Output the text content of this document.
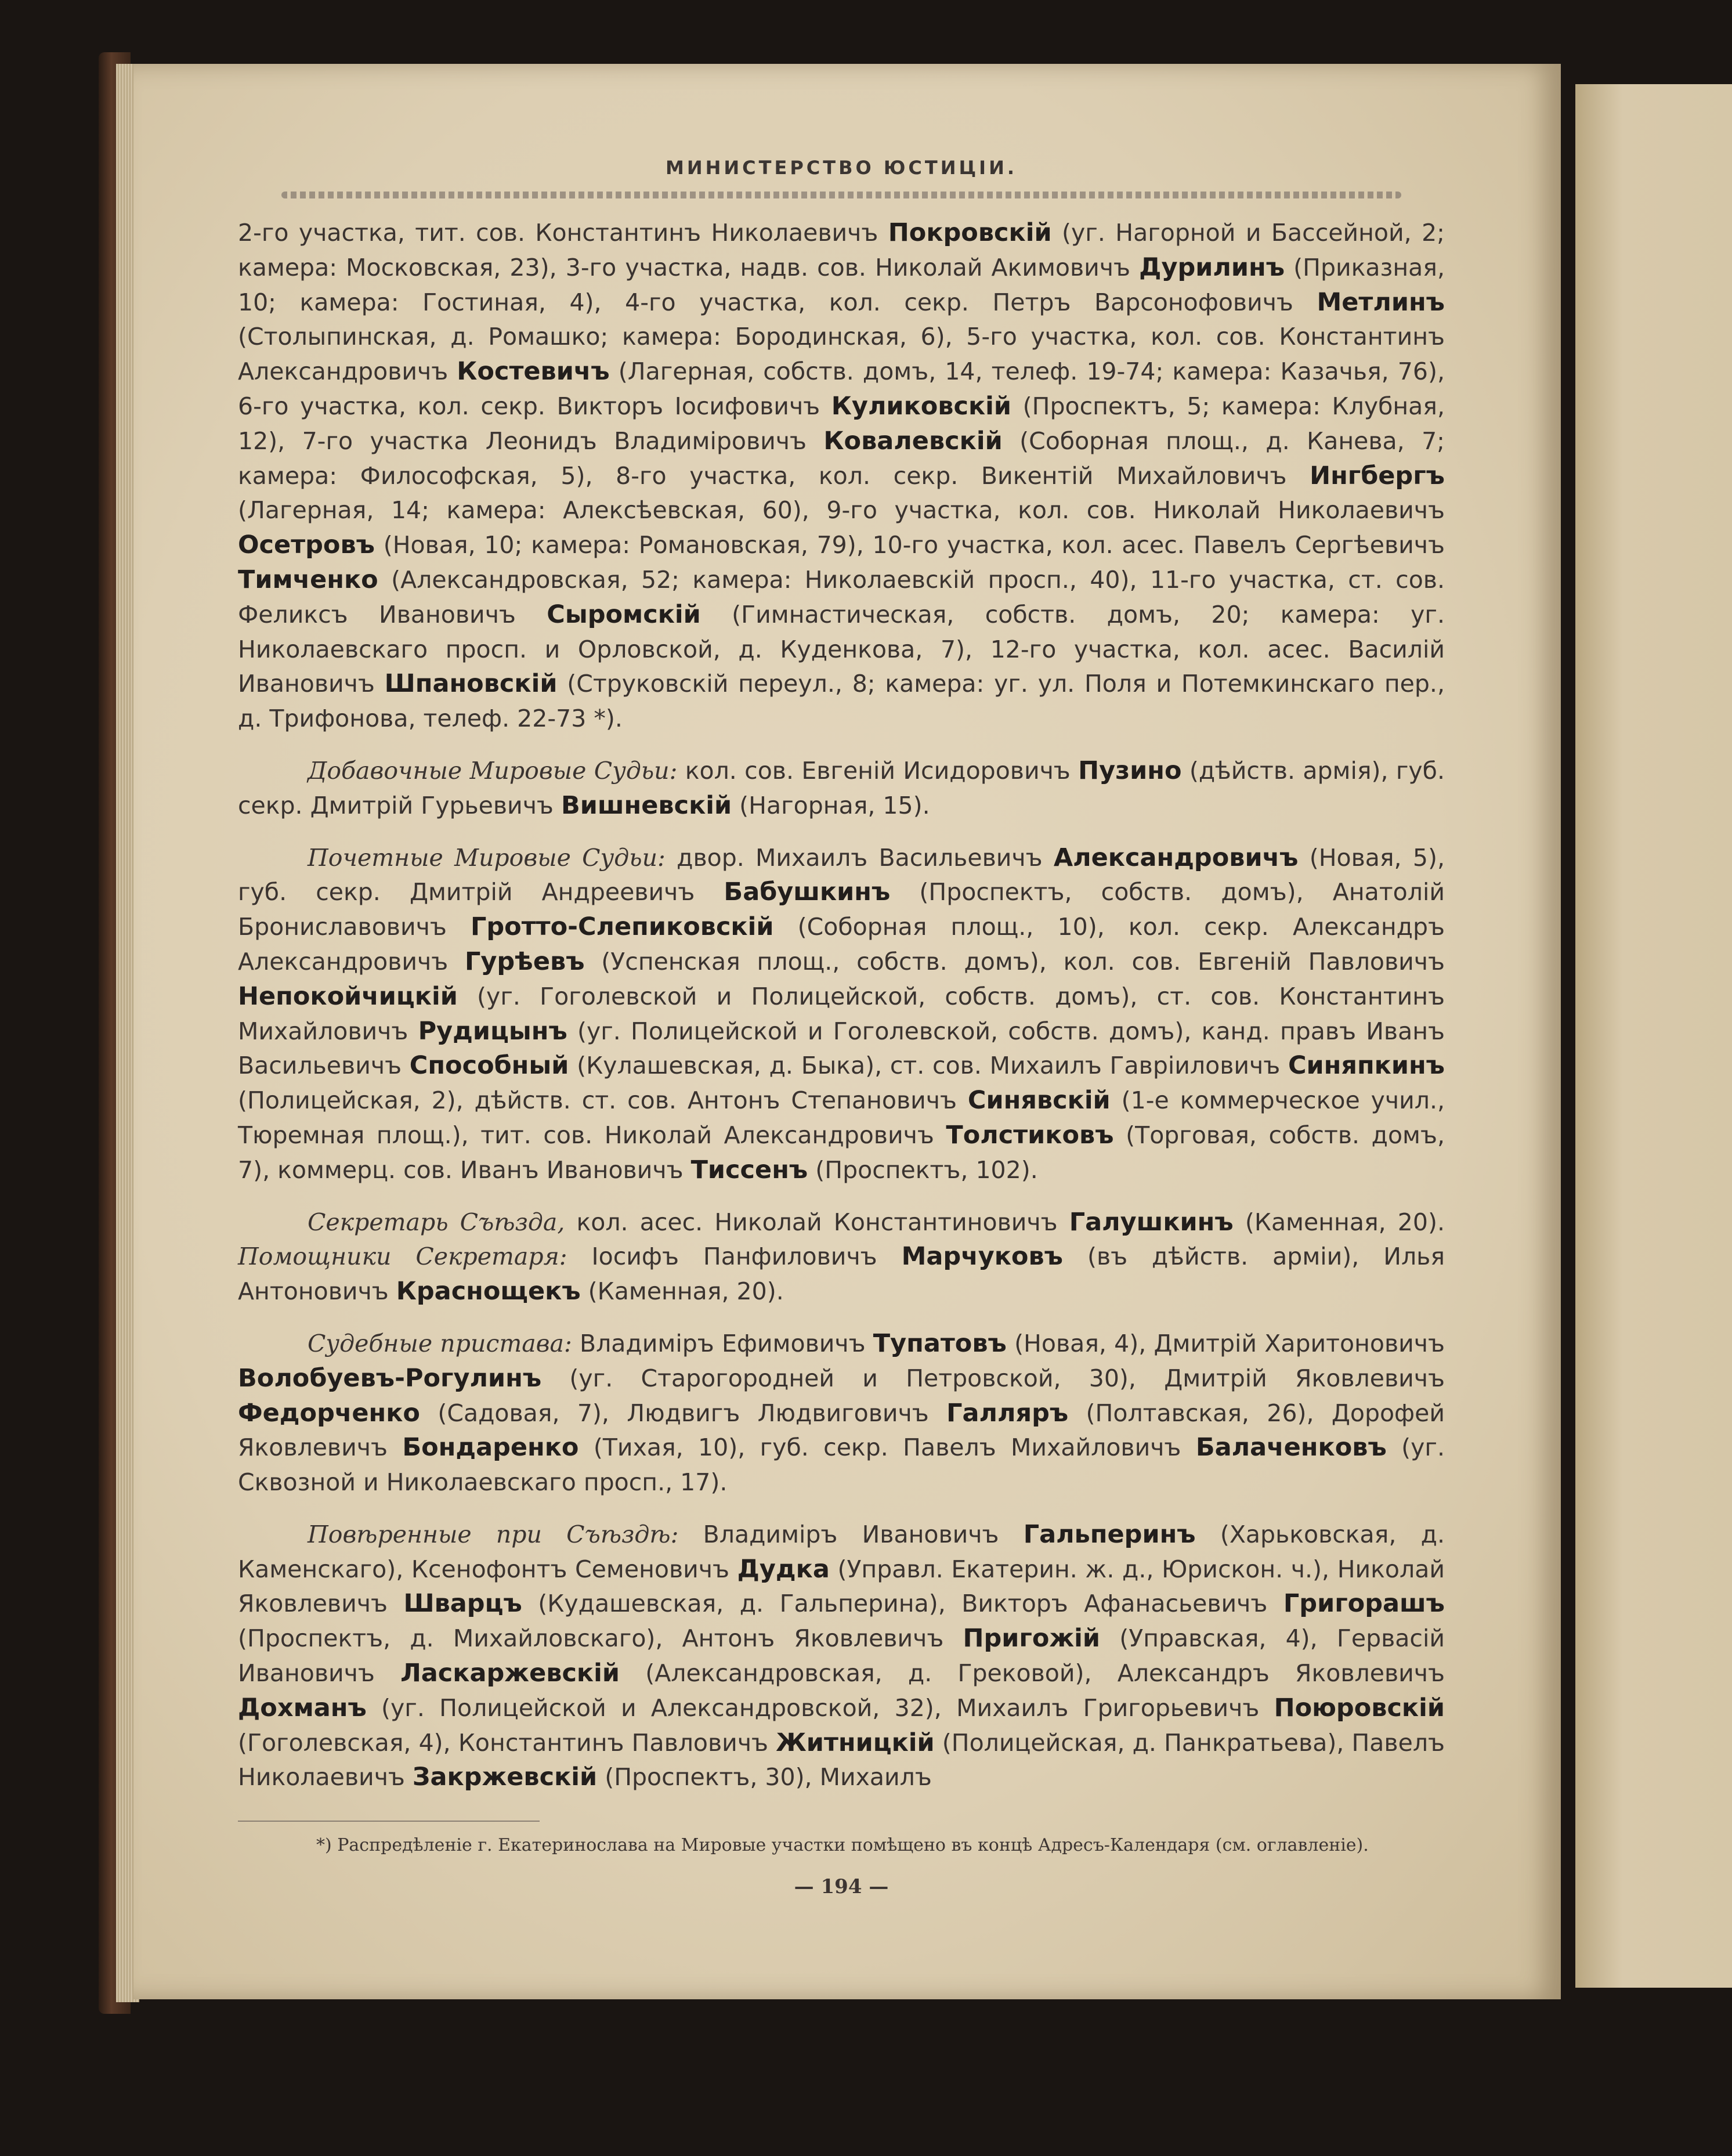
МИНИСТЕРСТВО ЮСТИЦІИ.

2-го участка, тит. сов. Константинъ Николаевичъ Покровскій (уг. Нагорной и Бассейной, 2; камера: Московская, 23), 3-го участка, надв. сов. Николай Акимовичъ Дурилинъ (Приказная, 10; камера: Гостиная, 4), 4-го участка, кол. секр. Петръ Варсонофовичъ Метлинъ (Столыпинская, д. Ромашко; камера: Бородинская, 6), 5-го участка, кол. сов. Константинъ Александровичъ Костевичъ (Лагерная, собств. домъ, 14, телеф. 19-74; камера: Казачья, 76), 6-го участка, кол. секр. Викторъ Іосифовичъ Куликовскій (Проспектъ, 5; камера: Клубная, 12), 7-го участка Леонидъ Владиміровичъ Ковалевскій (Соборная площ., д. Канева, 7; камера: Философская, 5), 8-го участка, кол. секр. Викентій Михайловичъ Ингбергъ (Лагерная, 14; камера: Алексѣевская, 60), 9-го участка, кол. сов. Николай Николаевичъ Осетровъ (Новая, 10; камера: Романовская, 79), 10-го участка, кол. асес. Павелъ Сергѣевичъ Тимченко (Александровская, 52; камера: Николаевскій просп., 40), 11-го участка, ст. сов. Феликсъ Ивановичъ Сыромскій (Гимнастическая, собств. домъ, 20; камера: уг. Николаевскаго просп. и Орловской, д. Куденкова, 7), 12-го участка, кол. асес. Василій Ивановичъ Шпановскій (Струковскій переул., 8; камера: уг. ул. Поля и Потемкинскаго пер., д. Трифонова, телеф. 22-73 *).

Добавочные Мировые Судьи: кол. сов. Евгеній Исидоровичъ Пузино (дѣйств. армія), губ. секр. Дмитрій Гурьевичъ Вишневскій (Нагорная, 15).

Почетные Мировые Судьи: двор. Михаилъ Васильевичъ Александровичъ (Новая, 5), губ. секр. Дмитрій Андреевичъ Бабушкинъ (Проспектъ, собств. домъ), Анатолій Брониславовичъ Гротто-Слепиковскій (Соборная площ., 10), кол. секр. Александръ Александровичъ Гурѣевъ (Успенская площ., собств. домъ), кол. сов. Евгеній Павловичъ Непокойчицкій (уг. Гоголевской и Полицейской, собств. домъ), ст. сов. Константинъ Михайловичъ Рудицынъ (уг. Полицейской и Гоголевской, собств. домъ), канд. правъ Иванъ Васильевичъ Способный (Кулашевская, д. Быка), ст. сов. Михаилъ Гавріиловичъ Синяпкинъ (Полицейская, 2), дѣйств. ст. сов. Антонъ Степановичъ Синявскій (1-е коммерческое учил., Тюремная площ.), тит. сов. Николай Александровичъ Толстиковъ (Торговая, собств. домъ, 7), коммерц. сов. Иванъ Ивановичъ Тиссенъ (Проспектъ, 102).

Секретарь Съѣзда, кол. асес. Николай Константиновичъ Галушкинъ (Каменная, 20). Помощники Секретаря: Іосифъ Панфиловичъ Марчуковъ (въ дѣйств. арміи), Илья Антоновичъ Краснощекъ (Каменная, 20).

Судебные пристава: Владиміръ Ефимовичъ Тупатовъ (Новая, 4), Дмитрій Харитоновичъ Волобуевъ-Рогулинъ (уг. Старогородней и Петровской, 30), Дмитрій Яковлевичъ Федорченко (Садовая, 7), Людвигъ Людвиговичъ Галляръ (Полтавская, 26), Дорофей Яковлевичъ Бондаренко (Тихая, 10), губ. секр. Павелъ Михайловичъ Балаченковъ (уг. Сквозной и Николаевскаго просп., 17).

Повѣренные при Съѣздѣ: Владиміръ Ивановичъ Гальперинъ (Харьковская, д. Каменскаго), Ксенофонтъ Семеновичъ Дудка (Управл. Екатерин. ж. д., Юрискон. ч.), Николай Яковлевичъ Шварцъ (Кудашевская, д. Гальперина), Викторъ Афанасьевичъ Григорашъ (Проспектъ, д. Михайловскаго), Антонъ Яковлевичъ Пригожій (Управская, 4), Гервасій Ивановичъ Ласкаржевскій (Александровская, д. Грековой), Александръ Яковлевичъ Дохманъ (уг. Полицейской и Александровской, 32), Михаилъ Григорьевичъ Поюровскій (Гоголевская, 4), Константинъ Павловичъ Житницкій (Полицейская, д. Панкратьева), Павелъ Николаевичъ Закржевскій (Проспектъ, 30), Михаилъ

*) Распредѣленіе г. Екатеринослава на Мировые участки помѣщено въ концѣ Адресъ-Календаря (см. оглавленіе).

— 194 —
